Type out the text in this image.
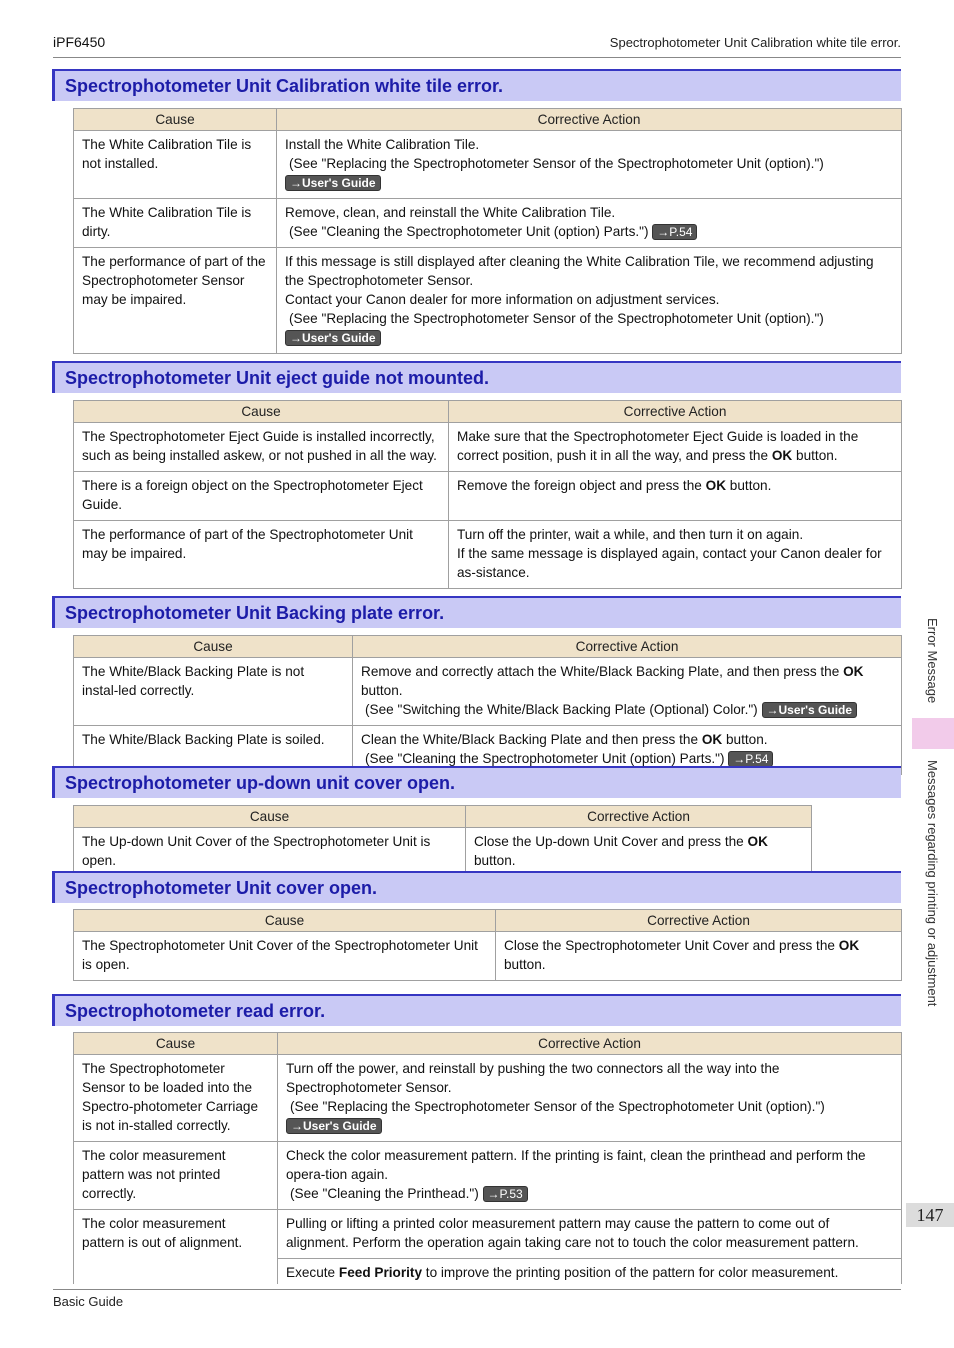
iPF6450	Spectrophotometer Unit Calibration white tile error.
Spectrophotometer Unit Calibration white tile error.
Cause	Corrective Action
The White Calibration Tile is not installed.	Install the White Calibration Tile.
(See "Replacing the Spectrophotometer Sensor of the Spectrophotometer Unit (option).")
→User's Guide

The White Calibration Tile is dirty.	Remove, clean, and reinstall the White Calibration Tile.
(See "Cleaning the Spectrophotometer Unit (option) Parts.") →P.54

The performance of part of the Spectrophotometer Sensor may be impaired.	If this message is still displayed after cleaning the White Calibration Tile, we recommend adjusting the Spectrophotometer Sensor.
Contact your Canon dealer for more information on adjustment services.
(See "Replacing the Spectrophotometer Sensor of the Spectrophotometer Unit (option).")
→User's Guide
Spectrophotometer Unit eject guide not mounted.
Cause	Corrective Action
The Spectrophotometer Eject Guide is installed incorrectly, such as being installed askew, or not pushed in all the way.	Make sure that the Spectrophotometer Eject Guide is loaded in the correct position, push it in all the way, and press the OK button.
There is a foreign object on the Spectrophotometer Eject Guide.	Remove the foreign object and press the OK button.
The performance of part of the Spectrophotometer Unit may be impaired.	Turn off the printer, wait a while, and then turn it on again.
If the same message is displayed again, contact your Canon dealer for as-sistance.
Spectrophotometer Unit Backing plate error.
Cause	Corrective Action
The White/Black Backing Plate is not instal-led correctly.	Remove and correctly attach the White/Black Backing Plate, and then press the OK button.
(See "Switching the White/Black Backing Plate (Optional) Color.") →User's Guide

The White/Black Backing Plate is soiled.	Clean the White/Black Backing Plate and then press the OK button.
(See "Cleaning the Spectrophotometer Unit (option) Parts.") →P.54
Spectrophotometer up-down unit cover open.
Cause	Corrective Action
The Up-down Unit Cover of the Spectrophotometer Unit is open.	Close the Up-down Unit Cover and press the OK button.
Spectrophotometer Unit cover open.
Cause	Corrective Action
The Spectrophotometer Unit Cover of the Spectrophotometer Unit is open.	Close the Spectrophotometer Unit Cover and press the OK button.
Spectrophotometer read error.
Cause	Corrective Action
The Spectrophotometer Sensor to be loaded into the Spectro-photometer Carriage is not in-stalled correctly.	Turn off the power, and reinstall by pushing the two connectors all the way into the Spectrophotometer Sensor.
(See "Replacing the Spectrophotometer Sensor of the Spectrophotometer Unit (option).")
→User's Guide

The color measurement pattern was not printed correctly.	Check the color measurement pattern. If the printing is faint, clean the printhead and perform the opera-tion again.
(See "Cleaning the Printhead.") →P.53

The color measurement pattern is out of alignment.	Pulling or lifting a printed color measurement pattern may cause the pattern to come out of alignment. Perform the operation again taking care not to touch the color measurement pattern.
	Execute Feed Priority to improve the printing position of the pattern for color measurement.
Error Message
Messages regarding printing or adjustment
147
Basic Guide
